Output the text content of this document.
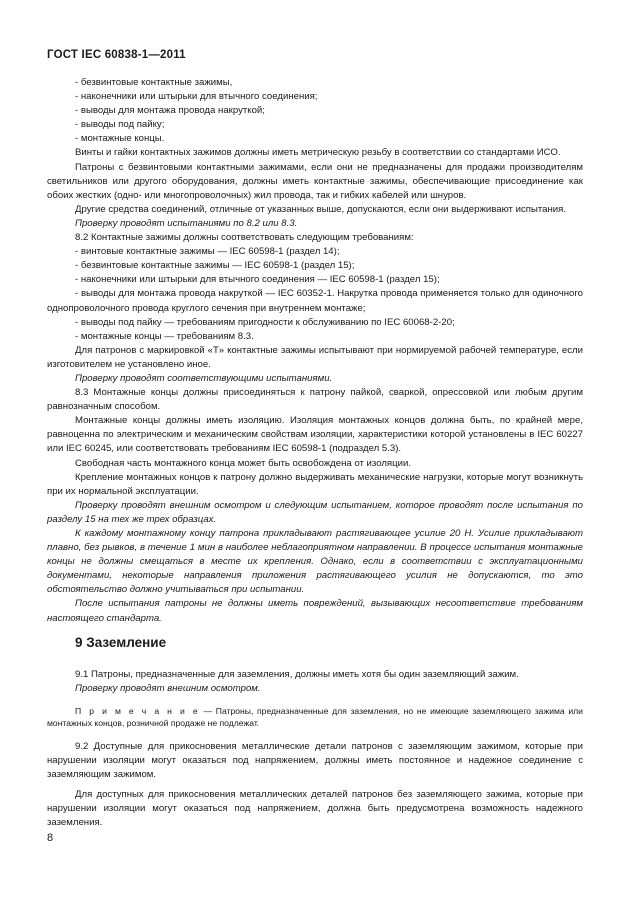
ГОСТ IEC 60838-1—2011

- безвинтовые контактные зажимы,

- наконечники или штырьки для втычного соединения;

- выводы для монтажа провода накруткой;

- выводы под пайку;

- монтажные концы.

Винты и гайки контактных зажимов должны иметь метрическую резьбу в соответствии со стандартами ИСО.

Патроны с безвинтовыми контактными зажимами, если они не предназначены для продажи производителям светильников или другого оборудования, должны иметь контактные зажимы, обеспечивающие присоединение как обоих жестких (одно- или многопроволочных) жил провода, так и гибких кабелей или шнуров.

Другие средства соединений, отличные от указанных выше, допускаются, если они выдерживают испытания.

Проверку проводят испытаниями по 8.2 или 8.3.

8.2 Контактные зажимы должны соответствовать следующим требованиям:

- винтовые контактные зажимы — IEC 60598-1 (раздел 14);

- безвинтовые контактные зажимы — IEC 60598-1 (раздел 15);

- наконечники или штырьки для втычного соединения — IEC 60598-1 (раздел 15);

- выводы для монтажа провода накруткой — IEC 60352-1. Накрутка провода применяется только для одиночного однопроволочного провода круглого сечения при внутреннем монтаже;

- выводы под пайку — требованиям пригодности к обслуживанию по IEC 60068-2-20;

- монтажные концы — требованиям 8.3.

Для патронов с маркировкой «T» контактные зажимы испытывают при нормируемой рабочей температуре, если изготовителем не установлено иное.

Проверку проводят соответствующими испытаниями.

8.3 Монтажные концы должны присоединяться к патрону пайкой, сваркой, опрессовкой или любым другим равнозначным способом.

Монтажные концы должны иметь изоляцию. Изоляция монтажных концов должна быть, по крайней мере, равноценна по электрическим и механическим свойствам изоляции, характеристики которой установлены в IEC 60227 или IEC 60245, или соответствовать требованиям IEC 60598-1 (подраздел 5.3).

Свободная часть монтажного конца может быть освобождена от изоляции.

Крепление монтажных концов к патрону должно выдерживать механические нагрузки, которые могут возникнуть при их нормальной эксплуатации.

Проверку проводят внешним осмотром и следующим испытанием, которое проводят после испытания по разделу 15 на тех же трех образцах.

К каждому монтажному концу патрона прикладывают растягивающее усилие 20 Н. Усилие прикладывают плавно, без рывков, в течение 1 мин в наиболее неблагоприятном направлении. В процессе испытания монтажные концы не должны смещаться в месте их крепления. Однако, если в соответствии с эксплуатационными документами, некоторые направления приложения растягивающего усилия не допускаются, то это обстоятельство должно учитываться при испытании.

После испытания патроны не должны иметь повреждений, вызывающих несоответствие требованиям настоящего стандарта.

9 Заземление

9.1 Патроны, предназначенные для заземления, должны иметь хотя бы один заземляющий зажим.

Проверку проводят внешним осмотром.

П р и м е ч а н и е — Патроны, предназначенные для заземления, но не имеющие заземляющего зажима или монтажных концов, розничной продаже не подлежат.

9.2 Доступные для прикосновения металлические детали патронов с заземляющим зажимом, которые при нарушении изоляции могут оказаться под напряжением, должны иметь постоянное и надежное соединение с заземляющим зажимом.

Для доступных для прикосновения металлических деталей патронов без заземляющего зажима, которые при нарушении изоляции могут оказаться под напряжением, должна быть предусмотрена возможность надежного заземления.

8
